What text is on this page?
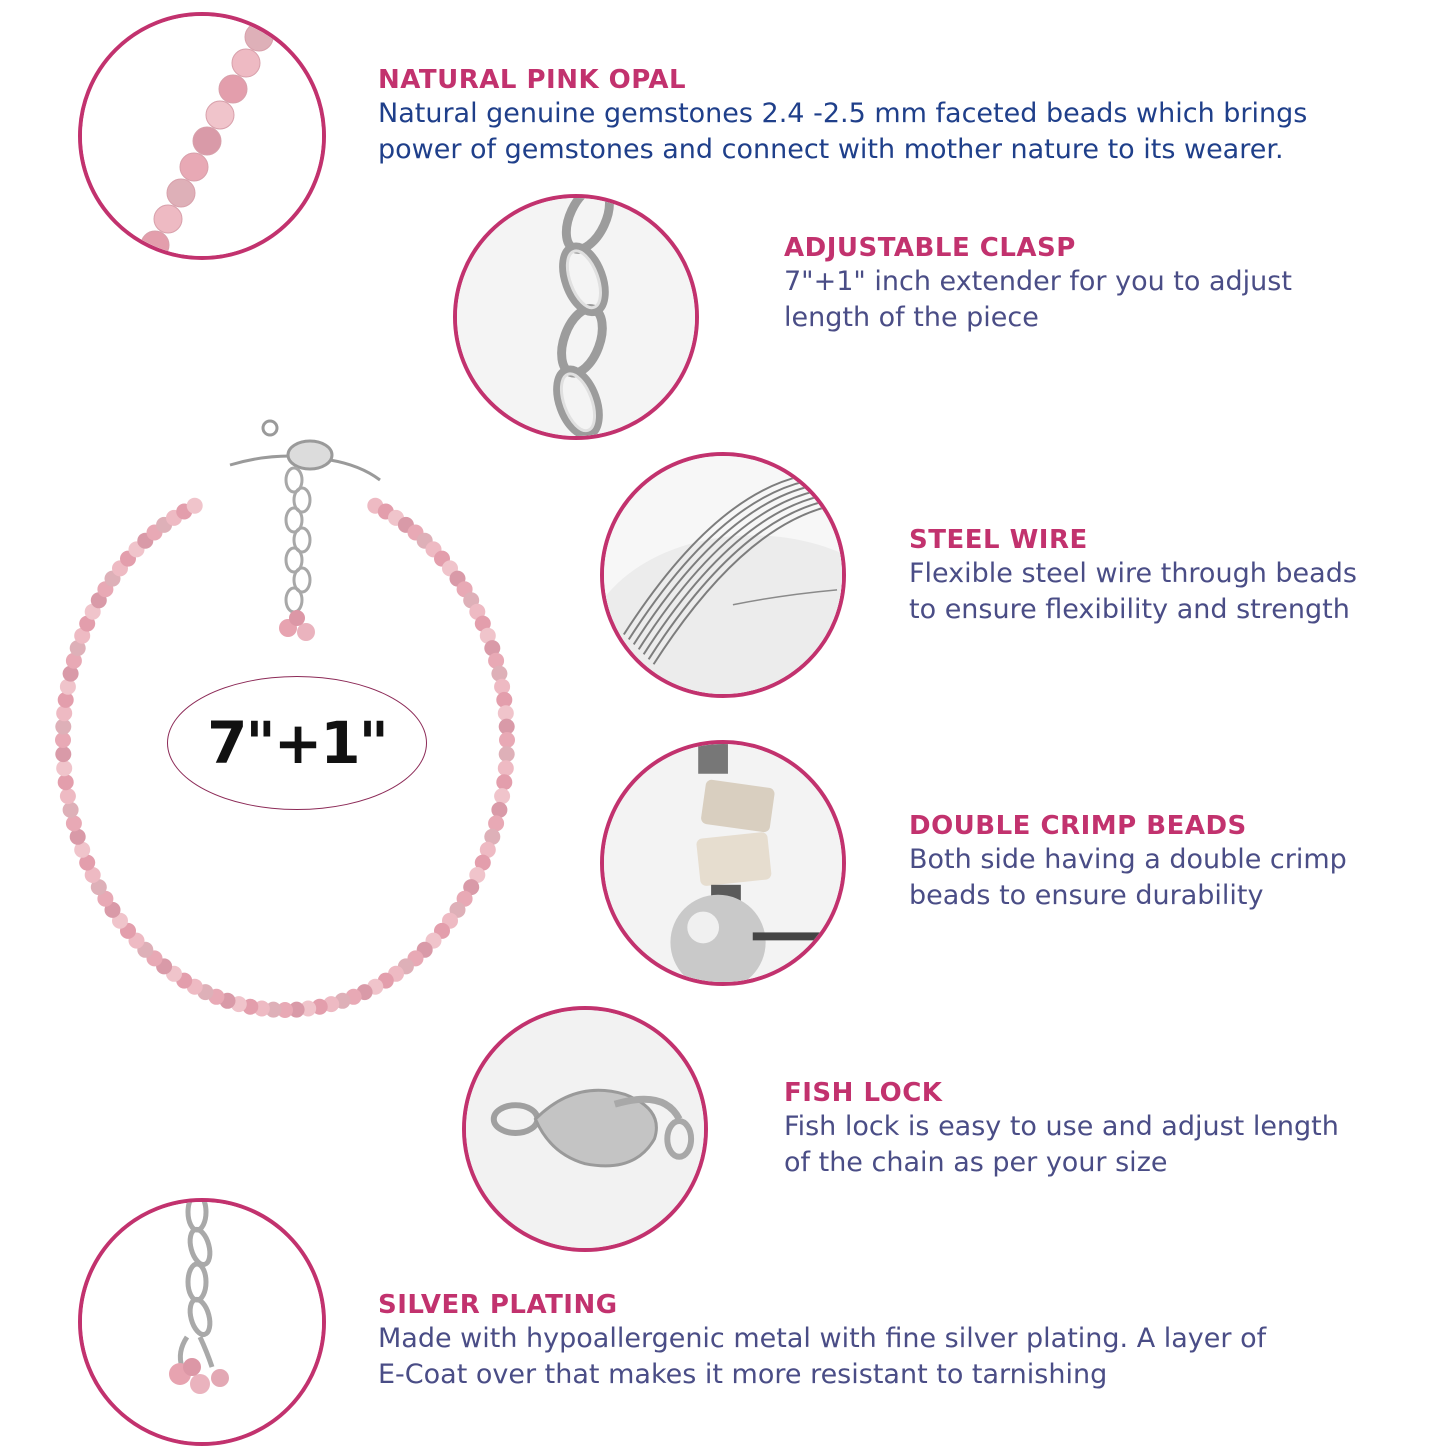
7"+1"
NATURAL PINK OPAL

Natural genuine gemstones 2.4 -2.5 mm faceted beads which brings

power of gemstones and connect with mother nature to its wearer.

ADJUSTABLE CLASP

7"+1" inch extender for you to adjust

length of the piece

STEEL WIRE

Flexible steel wire through beads

to ensure flexibility and strength

DOUBLE CRIMP BEADS

Both side having a double crimp

beads to ensure durability

FISH LOCK

Fish lock is easy to use and adjust length

of the chain as per your size

SILVER PLATING

Made with hypoallergenic metal with fine silver plating. A layer of

E-Coat over that makes it more resistant to tarnishing
